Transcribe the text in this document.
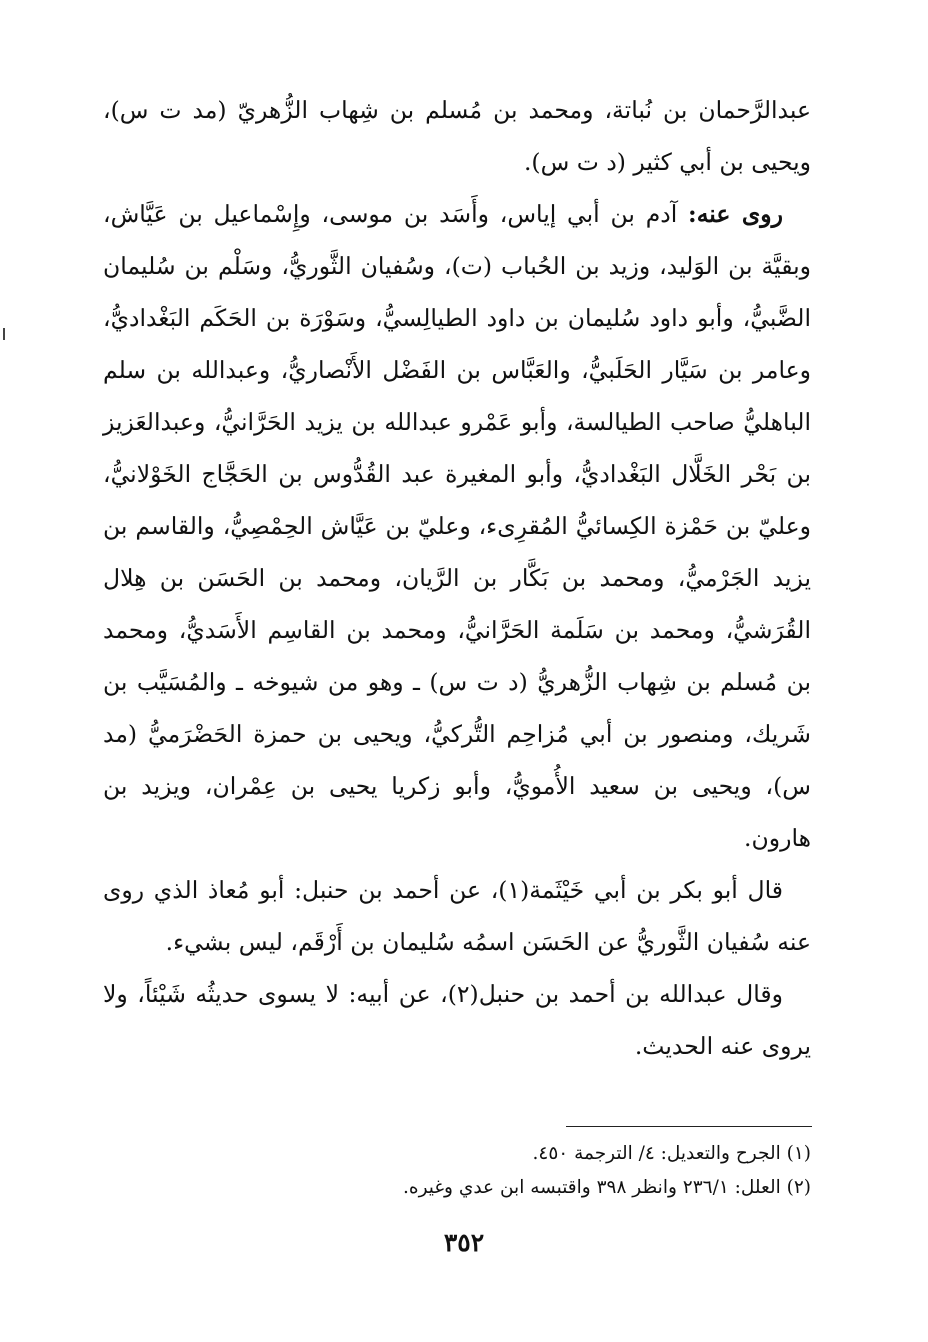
عبدالرَّحمان بن نُباتة، ومحمد بن مُسلم بن شِهاب الزُّهريّ (مد ت س)، ويحيى بن أبي كثير (د ت س).

روى عنه: آدم بن أبي إياس، وأَسَد بن موسى، وإِسْماعيل بن عَيَّاش، وبقيَّة بن الوَليد، وزيد بن الحُباب (ت)، وسُفيان الثَّوريُّ، وسَلْم بن سُليمان الضَّبيُّ، وأبو داود سُليمان بن داود الطيالِسيُّ، وسَوْرَة بن الحَكَم البَغْداديُّ، وعامر بن سَيَّار الحَلَبيُّ، والعَبَّاس بن الفَضْل الأَنْصاريُّ، وعبدالله بن سلم الباهليُّ صاحب الطيالسة، وأبو عَمْرو عبدالله بن يزيد الحَرَّانيُّ، وعبدالعَزيز بن بَحْر الخَلَّال البَغْداديُّ، وأبو المغيرة عبد القُدُّوس بن الحَجَّاج الخَوْلانيُّ، وعليّ بن حَمْزة الكِسائيُّ المُقرِىء، وعليّ بن عَيَّاش الحِمْصِيُّ، والقاسم بن يزيد الجَرْميُّ، ومحمد بن بَكَّار بن الرَّيان، ومحمد بن الحَسَن بن هِلال القُرَشيُّ، ومحمد بن سَلَمة الحَرَّانيُّ، ومحمد بن القاسِم الأَسَديُّ، ومحمد بن مُسلم بن شِهاب الزُّهريُّ (د ت س) ـ وهو من شيوخه ـ والمُسَيَّب بن شَريك، ومنصور بن أبي مُزاحِم التُّركيُّ، ويحيى بن حمزة الحَضْرَميُّ (مد س)، ويحيى بن سعيد الأُمويُّ، وأبو زكريا يحيى بن عِمْران، ويزيد بن هارون.

قال أبو بكر بن أبي خَيْثَمة(١)، عن أحمد بن حنبل: أبو مُعاذ الذي روى عنه سُفيان الثَّوريُّ عن الحَسَن اسمُه سُليمان بن أَرْقَم، ليس بشيء.

وقال عبدالله بن أحمد بن حنبل(٢)، عن أبيه: لا يسوى حديثُه شَيْئاً، ولا يروى عنه الحديث.

(١) الجرح والتعديل: ٤/ الترجمة ٤٥٠.

(٢) العلل: ٢٣٦/١ وانظر ٣٩٨ واقتبسه ابن عدي وغيره.

٣٥٢
